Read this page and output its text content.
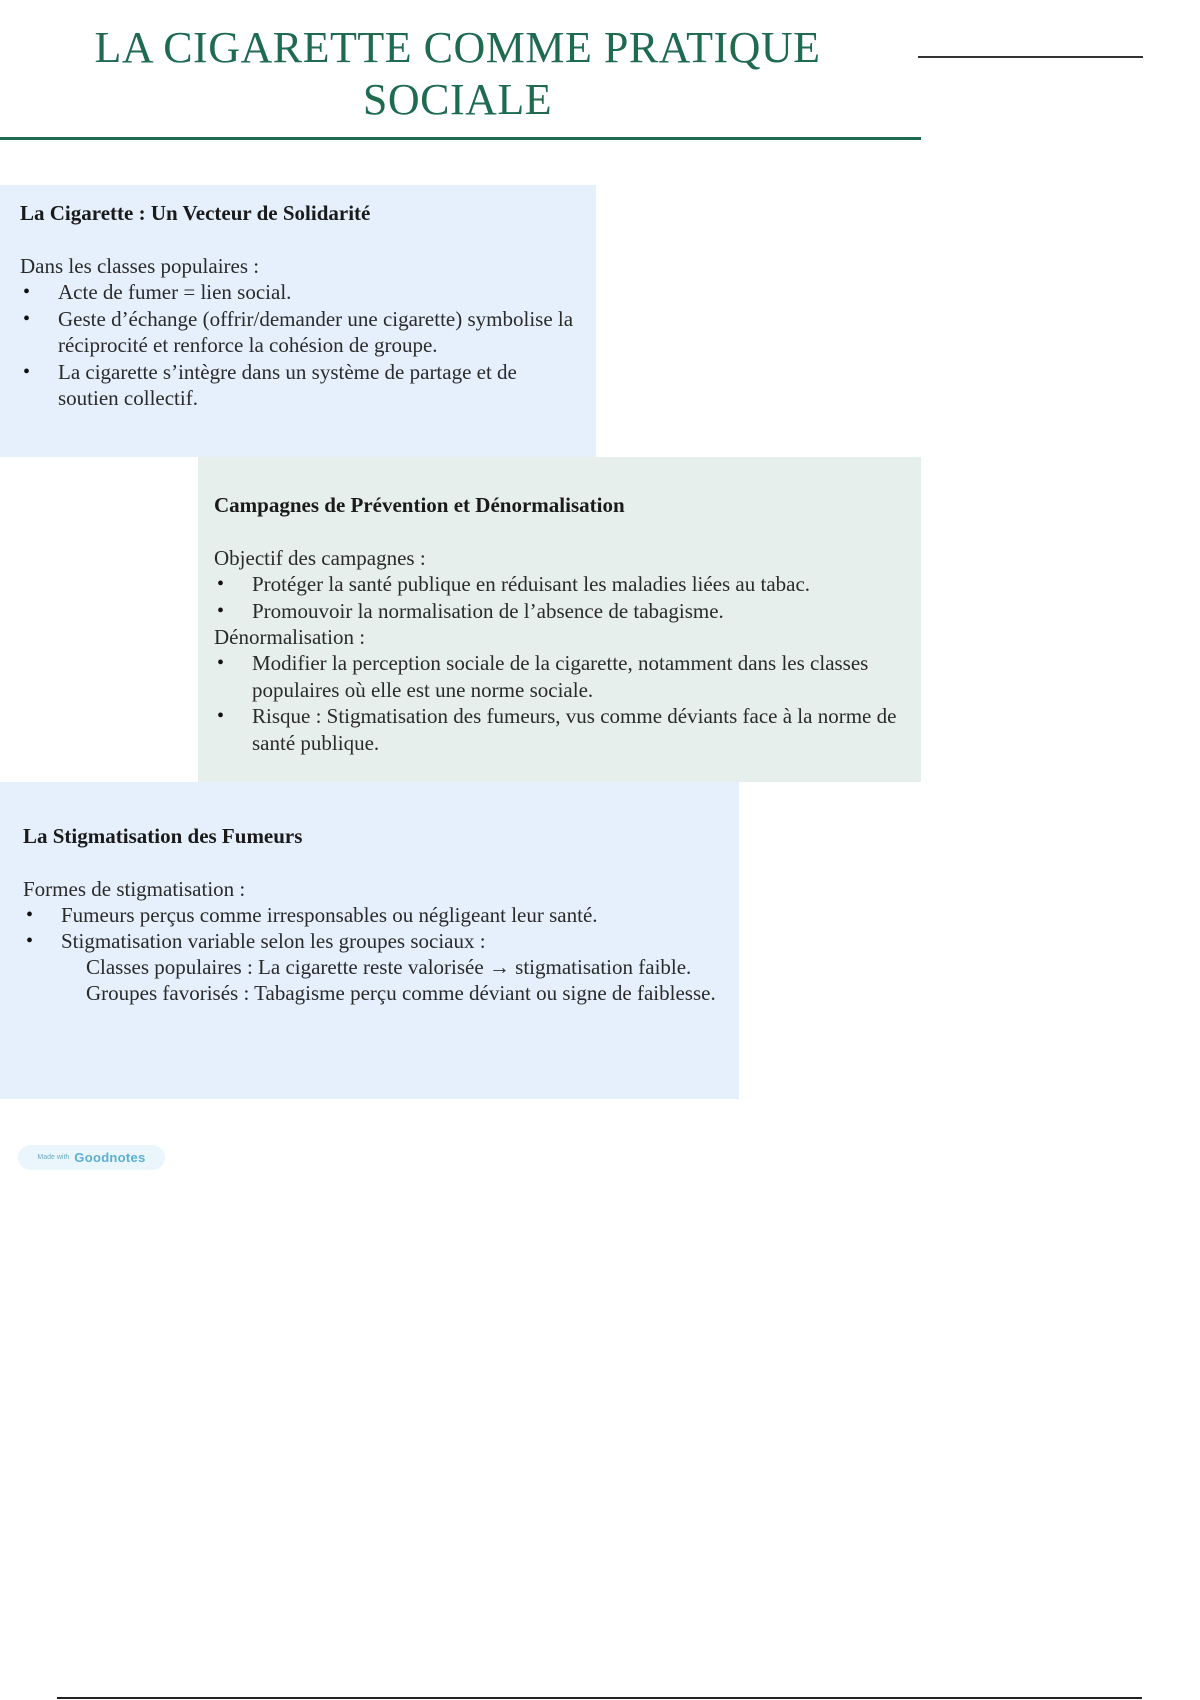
LA CIGARETTE COMME PRATIQUE
SOCIALE
La Cigarette : Un Vecteur de Solidarité

Dans les classes populaires :

• Acte de fumer = lien social.
• Geste d’échange (offrir/demander une cigarette) symbolise la réciprocité et renforce la cohésion de groupe.
• La cigarette s’intègre dans un système de partage et de soutien collectif.
Campagnes de Prévention et Dénormalisation

Objectif des campagnes :

• Protéger la santé publique en réduisant les maladies liées au tabac.
• Promouvoir la normalisation de l’absence de tabagisme.

Dénormalisation :

• Modifier la perception sociale de la cigarette, notamment dans les classes populaires où elle est une norme sociale.
• Risque : Stigmatisation des fumeurs, vus comme déviants face à la norme de santé publique.
La Stigmatisation des Fumeurs

Formes de stigmatisation :

• Fumeurs perçus comme irresponsables ou négligeant leur santé.
• Stigmatisation variable selon les groupes sociaux :

Classes populaires : La cigarette reste valorisée → stigmatisation faible.

Groupes favorisés : Tabagisme perçu comme déviant ou signe de faiblesse.

Made with Goodnotes
